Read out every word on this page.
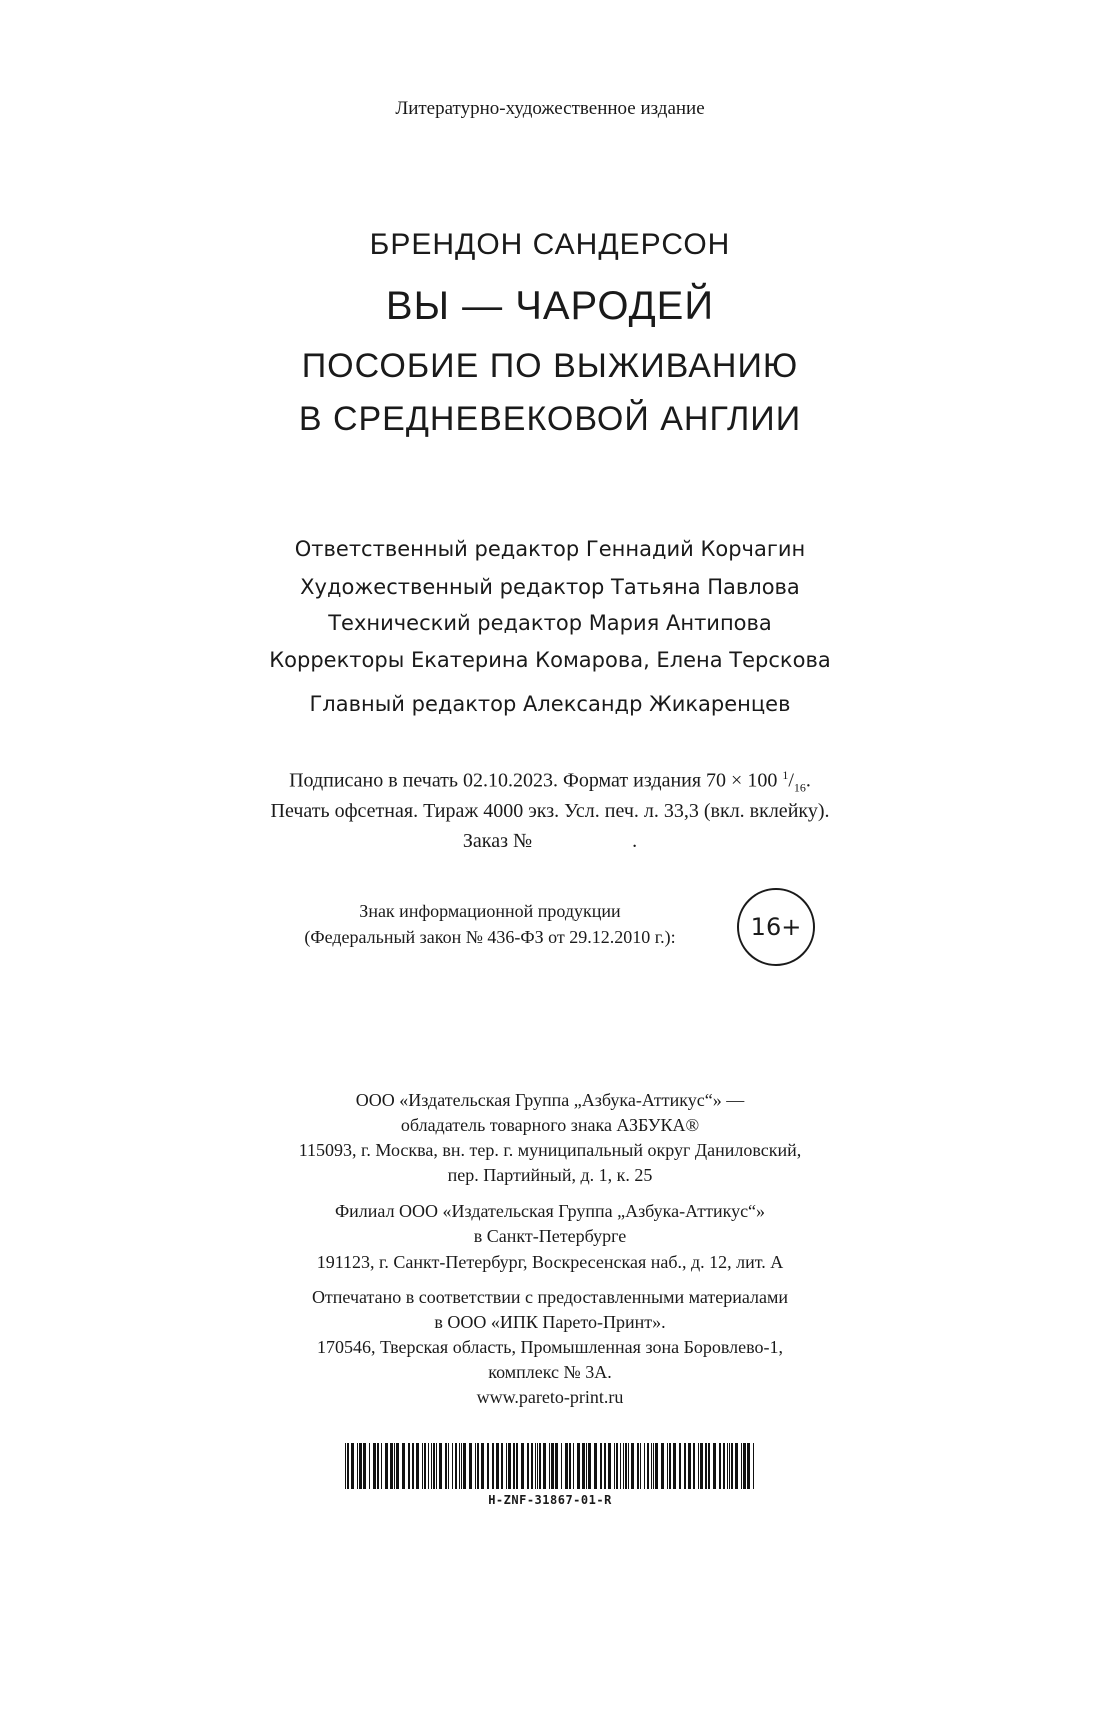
Литературно-художественное издание
БРЕНДОН САНДЕРСОН
ВЫ — ЧАРОДЕЙ
ПОСОБИЕ ПО ВЫЖИВАНИЮ
В СРЕДНЕВЕКОВОЙ АНГЛИИ
Ответственный редактор Геннадий Корчагин
Художественный редактор Татьяна Павлова
Технический редактор Мария Антипова
Корректоры Екатерина Комарова, Елена Терскова
Главный редактор Александр Жикаренцев
Подписано в печать 02.10.2023. Формат издания 70 × 100 $^1/_{16}$.
Печать офсетная. Тираж 4000 экз. Усл. печ. л. 33,3 (вкл. вклейку).
Заказ №	.
Знак информационной продукции
(Федеральный закон № 436-ФЗ от 29.12.2010 г.):	16+
ООО «Издательская Группа „Азбука-Аттикус“» —
обладатель товарного знака АЗБУКА®
115093, г. Москва, вн. тер. г. муниципальный округ Даниловский,
пер. Партийный, д. 1, к. 25
Филиал ООО «Издательская Группа „Азбука-Аттикус“»
в Санкт-Петербурге
191123, г. Санкт-Петербург, Воскресенская наб., д. 12, лит. А
Отпечатано в соответствии с предоставленными материалами
в ООО «ИПК Парето-Принт».
170546, Тверская область, Промышленная зона Боровлево-1,
комплекс № 3А.
www.pareto-print.ru
H-ZNF-31867-01-R
